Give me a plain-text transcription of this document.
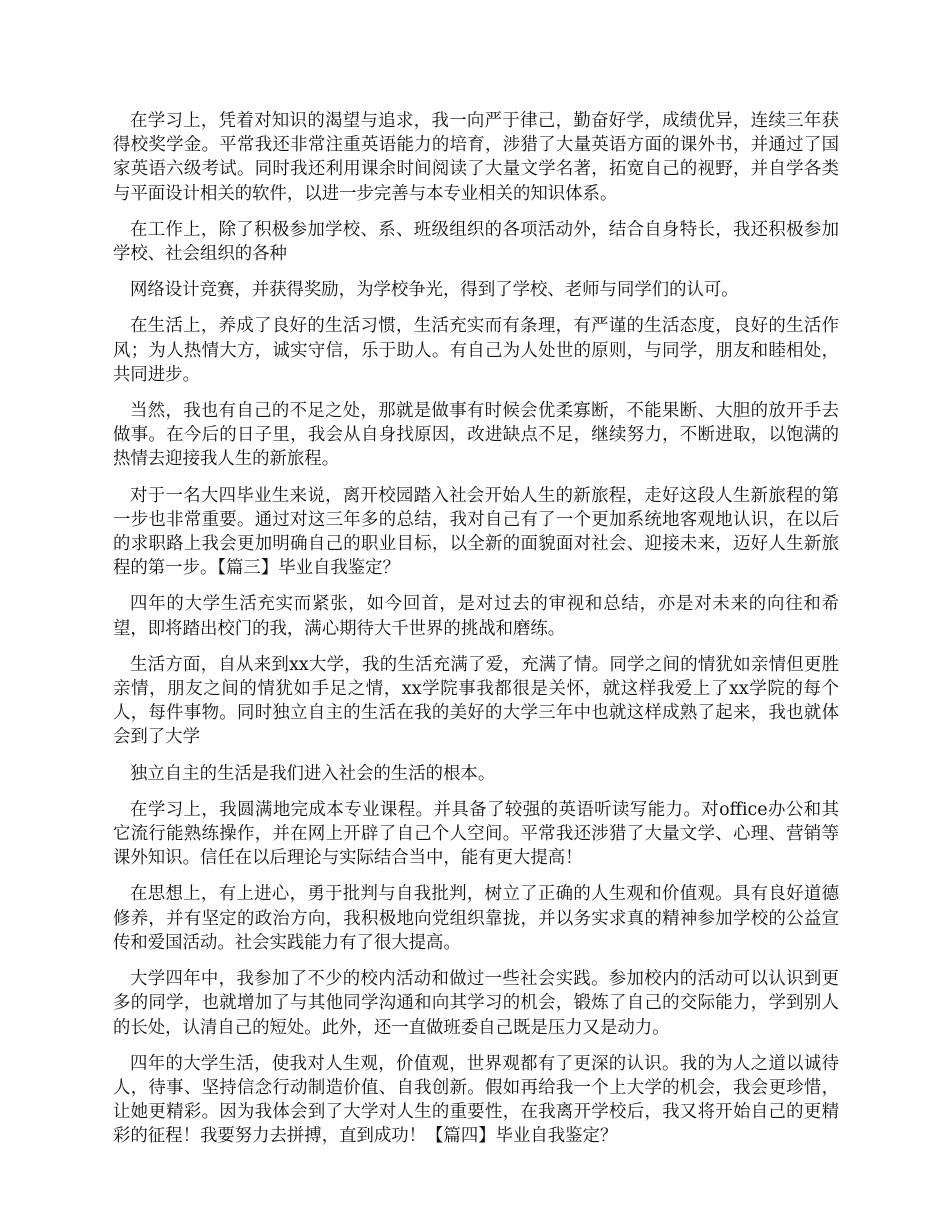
在学习上，凭着对知识的渴望与追求，我一向严于律己，勤奋好学，成绩优异，连续三年获得校奖学金。平常我还非常注重英语能力的培育，涉猎了大量英语方面的课外书，并通过了国家英语六级考试。同时我还利用课余时间阅读了大量文学名著，拓宽自己的视野，并自学各类与平面设计相关的软件，以进一步完善与本专业相关的知识体系。

在工作上，除了积极参加学校、系、班级组织的各项活动外，结合自身特长，我还积极参加学校、社会组织的各种

网络设计竞赛，并获得奖励，为学校争光，得到了学校、老师与同学们的认可。

在生活上，养成了良好的生活习惯，生活充实而有条理，有严谨的生活态度，良好的生活作风；为人热情大方，诚实守信，乐于助人。有自己为人处世的原则，与同学，朋友和睦相处，共同进步。

当然，我也有自己的不足之处，那就是做事有时候会优柔寡断，不能果断、大胆的放开手去做事。在今后的日子里，我会从自身找原因，改进缺点不足，继续努力，不断进取，以饱满的热情去迎接我人生的新旅程。

对于一名大四毕业生来说，离开校园踏入社会开始人生的新旅程，走好这段人生新旅程的第一步也非常重要。通过对这三年多的总结，我对自己有了一个更加系统地客观地认识，在以后的求职路上我会更加明确自己的职业目标，以全新的面貌面对社会、迎接未来，迈好人生新旅程的第一步。【篇三】毕业自我鉴定？

四年的大学生活充实而紧张，如今回首，是对过去的审视和总结，亦是对未来的向往和希望，即将踏出校门的我，满心期待大千世界的挑战和磨练。

生活方面，自从来到xx大学，我的生活充满了爱，充满了情。同学之间的情犹如亲情但更胜亲情，朋友之间的情犹如手足之情，xx学院事我都很是关怀，就这样我爱上了xx学院的每个人，每件事物。同时独立自主的生活在我的美好的大学三年中也就这样成熟了起来，我也就体会到了大学

独立自主的生活是我们进入社会的生活的根本。

在学习上，我圆满地完成本专业课程。并具备了较强的英语听读写能力。对office办公和其它流行能熟练操作，并在网上开辟了自己个人空间。平常我还涉猎了大量文学、心理、营销等课外知识。信任在以后理论与实际结合当中，能有更大提高！

在思想上，有上进心，勇于批判与自我批判，树立了正确的人生观和价值观。具有良好道德修养，并有坚定的政治方向，我积极地向党组织靠拢，并以务实求真的精神参加学校的公益宣传和爱国活动。社会实践能力有了很大提高。

大学四年中，我参加了不少的校内活动和做过一些社会实践。参加校内的活动可以认识到更多的同学，也就增加了与其他同学沟通和向其学习的机会，锻炼了自己的交际能力，学到别人的长处，认清自己的短处。此外，还一直做班委自己既是压力又是动力。

四年的大学生活，使我对人生观，价值观，世界观都有了更深的认识。我的为人之道以诚待人，待事、坚持信念行动制造价值、自我创新。假如再给我一个上大学的机会，我会更珍惜，让她更精彩。因为我体会到了大学对人生的重要性，在我离开学校后，我又将开始自己的更精彩的征程！我要努力去拼搏，直到成功！【篇四】毕业自我鉴定？
